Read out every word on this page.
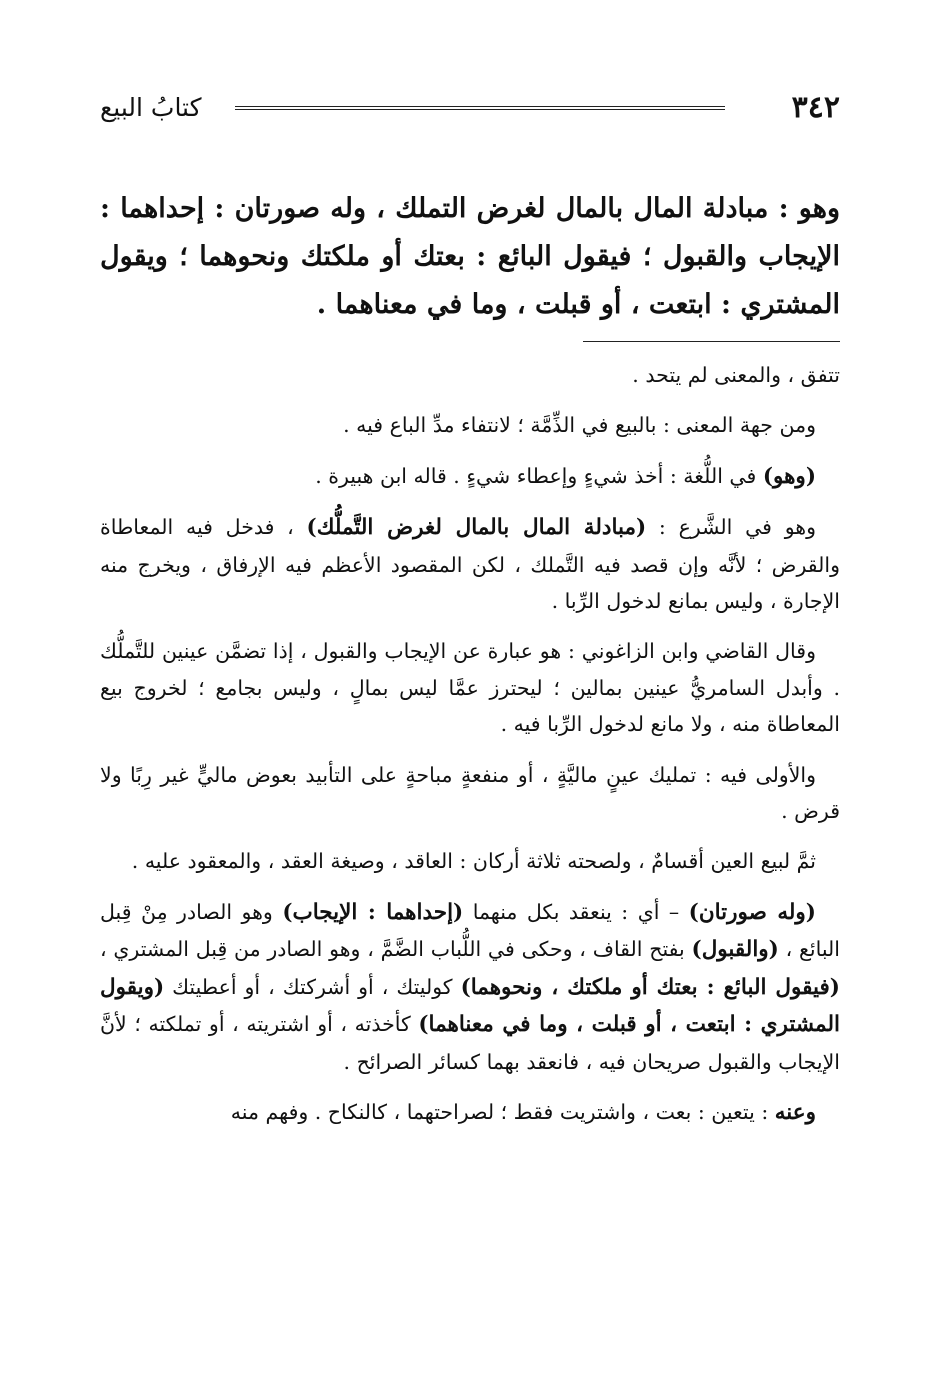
٣٤٢
كتابُ البيع

وهو : مبادلة المال بالمال لغرض التملك ، وله صورتان : إحداهما : الإيجاب والقبول ؛ فيقول البائع : بعتك أو ملكتك ونحوهما ؛ ويقول المشتري : ابتعت ، أو قبلت ، وما في معناهما .

تتفق ، والمعنى لم يتحد .

ومن جهة المعنى : بالبيع في الذِّمَّة ؛ لانتفاء مدِّ الباع فيه .

(وهو) في اللُّغة : أخذ شيءٍ وإعطاء شيءٍ . قاله ابن هبيرة .

وهو في الشَّرع : (مبادلة المال بالمال لغرض التَّملُّك) ، فدخل فيه المعاطاة والقرض ؛ لأنَّه وإن قصد فيه التَّملك ، لكن المقصود الأعظم فيه الإرفاق ، ويخرج منه الإجارة ، وليس بمانع لدخول الرِّبا .

وقال القاضي وابن الزاغوني : هو عبارة عن الإيجاب والقبول ، إذا تضمَّن عينين للتَّملُّك . وأبدل السامريُّ عينين بمالين ؛ ليحترز عمَّا ليس بمالٍ ، وليس بجامع ؛ لخروج بيع المعاطاة منه ، ولا مانع لدخول الرِّبا فيه .

والأولى فيه : تمليك عينٍ ماليَّةٍ ، أو منفعةٍ مباحةٍ على التأبيد بعوض ماليٍّ غير رِبًا ولا قرض .

ثمَّ لبيع العين أقسامٌ ، ولصحته ثلاثة أركان : العاقد ، وصيغة العقد ، والمعقود عليه .

(وله صورتان) – أي : ينعقد بكل منهما (إحداهما : الإيجاب) وهو الصادر مِنْ قِبل البائع ، (والقبول) بفتح القاف ، وحكى في اللُّباب الضَّمَّ ، وهو الصادر من قِبل المشتري ، (فيقول البائع : بعتك أو ملكتك ، ونحوهما) كوليتك ، أو أشركتك ، أو أعطيتك (ويقول المشتري : ابتعت ، أو قبلت ، وما في معناهما) كأخذته ، أو اشتريته ، أو تملكته ؛ لأنَّ الإيجاب والقبول صريحان فيه ، فانعقد بهما كسائر الصرائح .

وعنه : يتعين : بعت ، واشتريت فقط ؛ لصراحتهما ، كالنكاح . وفهم منه
